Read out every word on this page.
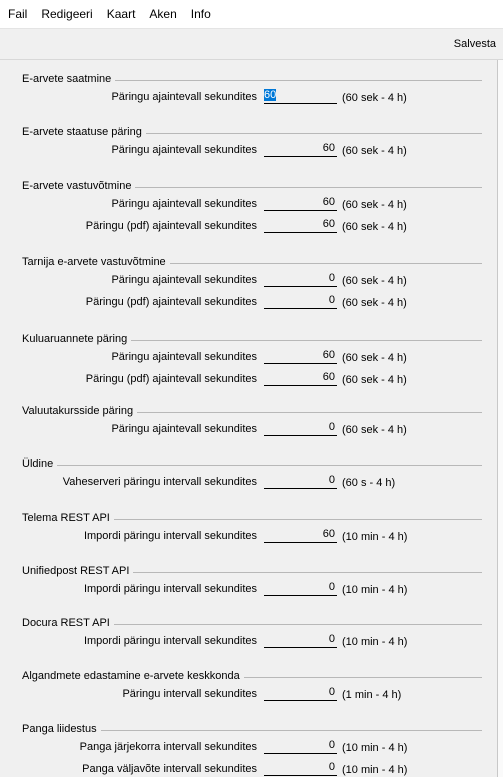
Fail Redigeeri Kaart Aken Info
Salvesta
E-arvete saatmine
Päringu ajaintevall sekundites 60	(60 sek - 4 h)
E-arvete staatuse päring
Päringu ajaintevall sekundites	60 (60 sek - 4 h)
E-arvete vastuvõtmine
Päringu ajaintevall sekundites	60 (60 sek - 4 h)
Päringu (pdf) ajaintevall sekundites	60 (60 sek - 4 h)
Tarnija e-arvete vastuvõtmine
Päringu ajaintevall sekundites	0 (60 sek - 4 h)
Päringu (pdf) ajaintevall sekundites	0 (60 sek - 4 h)
Kuluaruannete päring
Päringu ajaintevall sekundites	60 (60 sek - 4 h)
Päringu (pdf) ajaintevall sekundites	60 (60 sek - 4 h)
Valuutakursside päring
Päringu ajaintevall sekundites	0 (60 sek - 4 h)
Üldine
Vaheserveri päringu intervall sekundites	0 (60 s - 4 h)
Telema REST API
Impordi päringu intervall sekundites	60 (10 min - 4 h)
Unifiedpost REST API
Impordi päringu intervall sekundites	0 (10 min - 4 h)
Docura REST API
Impordi päringu intervall sekundites	0 (10 min - 4 h)
Algandmete edastamine e-arvete keskkonda
Päringu intervall sekundites	0 (1 min - 4 h)
Panga liidestus
Panga järjekorra intervall sekundites	0 (10 min - 4 h)
Panga väljavõte intervall sekundites	0 (10 min - 4 h)
